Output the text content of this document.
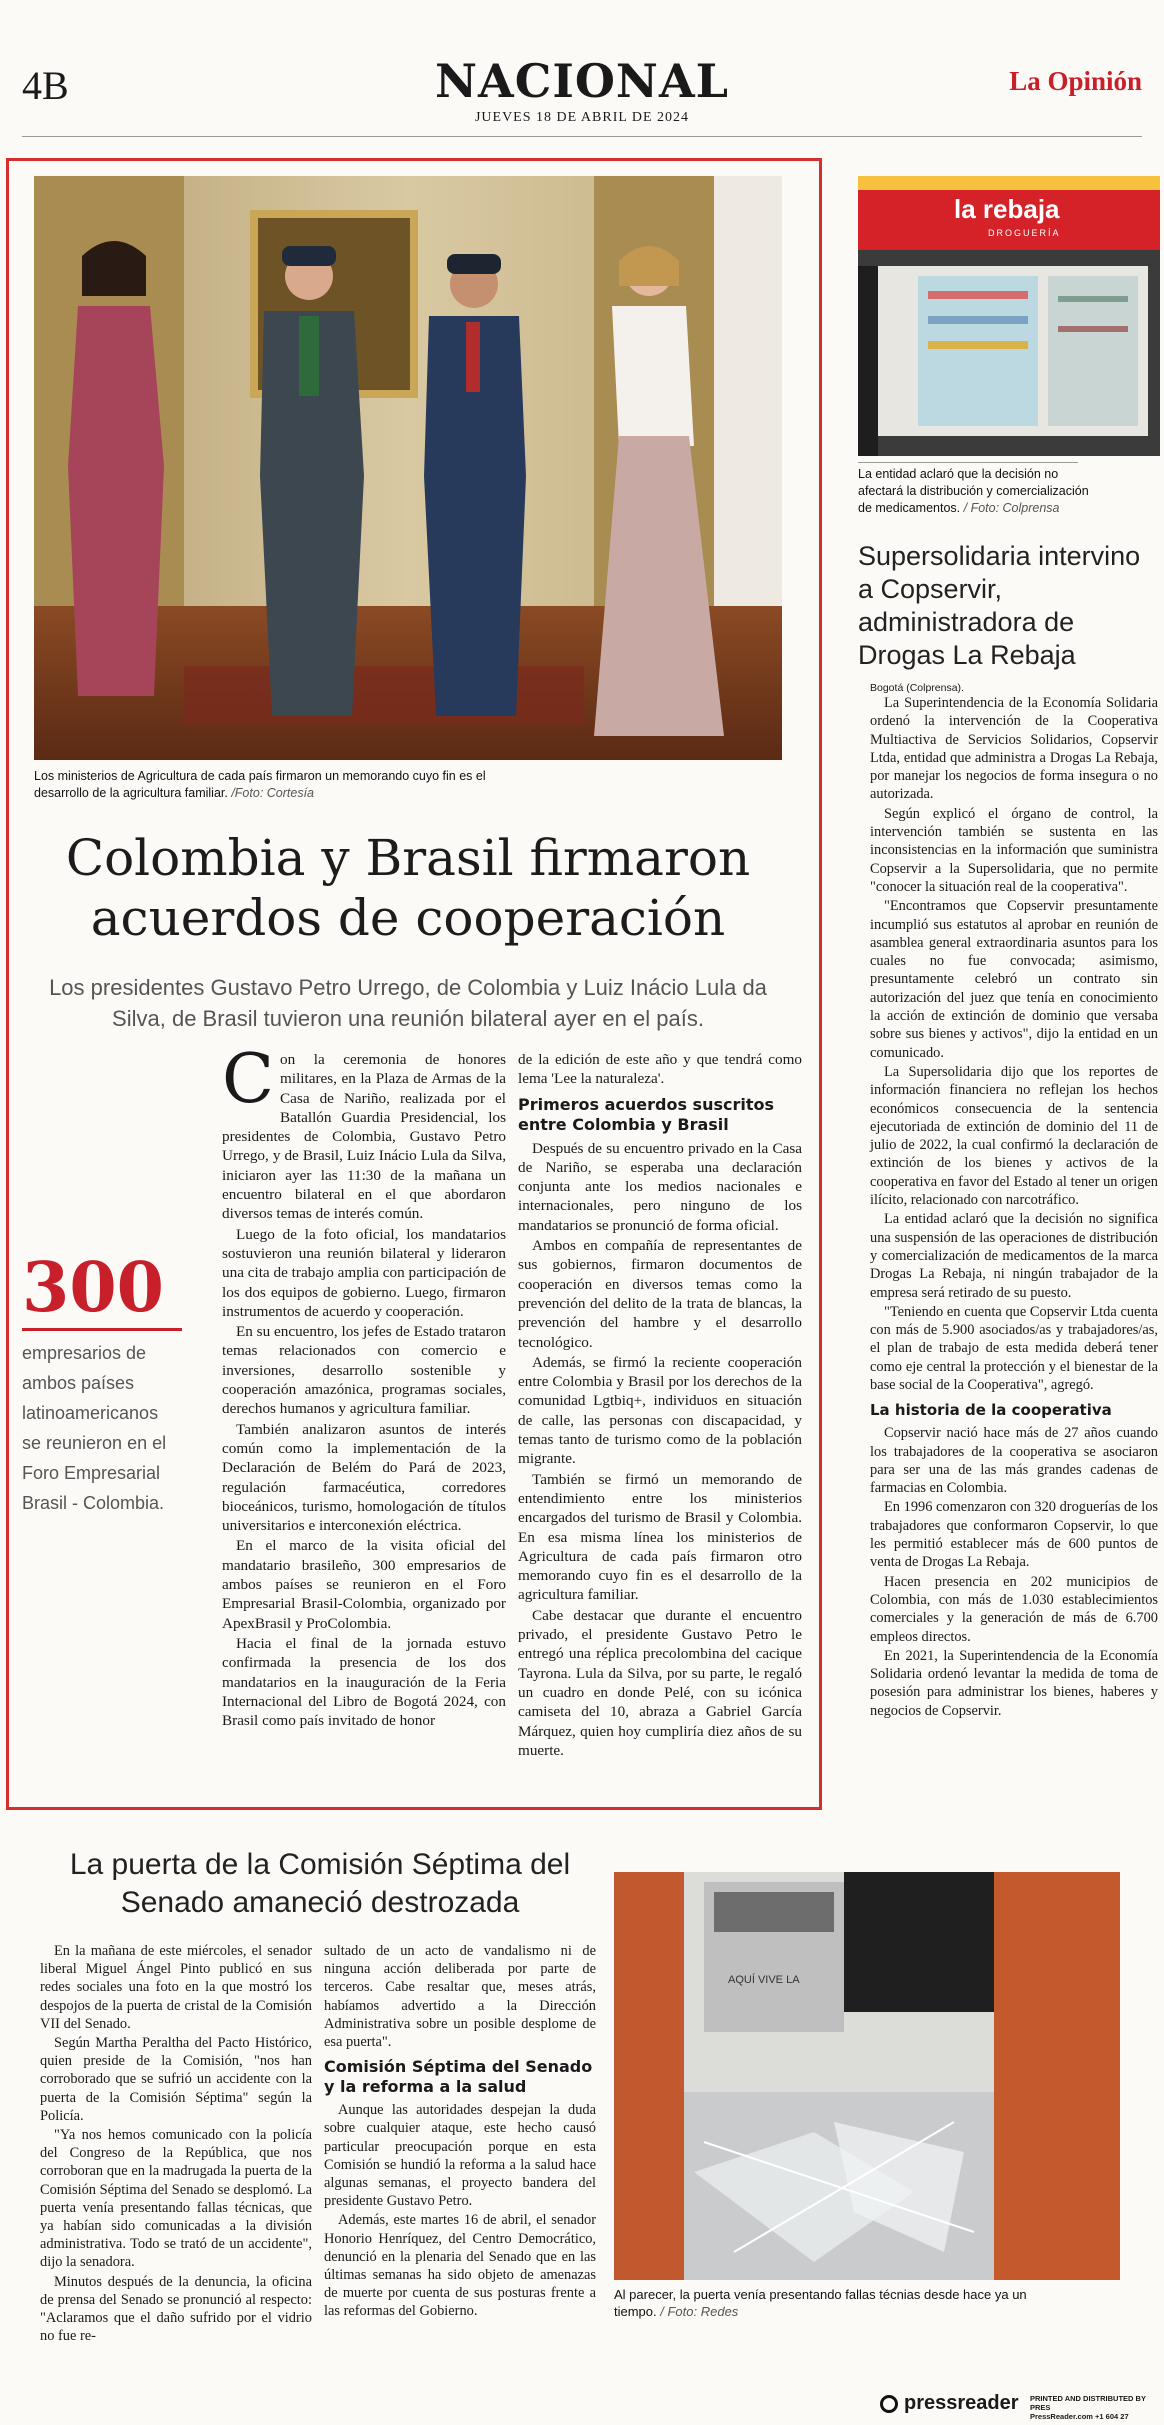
4B	NACIONAL
JUEVES 18 DE ABRIL DE 2024
La Opinión
Los ministerios de Agricultura de cada país firmaron un memorando cuyo fin es el desarrollo de la agricultura familiar. /Foto: Cortesía
Colombia y Brasil firmaron acuerdos de cooperación
Los presidentes Gustavo Petro Urrego, de Colombia y Luiz Inácio Lula da Silva, de Brasil tuvieron una reunión bilateral ayer en el país.
300
empresarios de ambos países latinoamericanos se reunieron en el Foro Empresarial Brasil - Colombia.

Con la ceremonia de honores militares, en la Plaza de Armas de la Casa de Nariño, realizada por el Batallón Guardia Presidencial, los presidentes de Colombia, Gustavo Petro Urrego, y de Brasil, Luiz Inácio Lula da Silva, iniciaron ayer las 11:30 de la mañana un encuentro bilateral en el que abordaron diversos temas de interés común.

Luego de la foto oficial, los mandatarios sostuvieron una reunión bilateral y lideraron una cita de trabajo amplia con participación de los dos equipos de gobierno. Luego, firmaron instrumentos de acuerdo y cooperación.

En su encuentro, los jefes de Estado trataron temas relacionados con comercio e inversiones, desarrollo sostenible y cooperación amazónica, programas sociales, derechos humanos y agricultura familiar.

También analizaron asuntos de interés común como la implementación de la Declaración de Belém do Pará de 2023, regulación farmacéutica, corredores bioceánicos, turismo, homologación de títulos universitarios e interconexión eléctrica.

En el marco de la visita oficial del mandatario brasileño, 300 empresarios de ambos países se reunieron en el Foro Empresarial Brasil-Colombia, organizado por ApexBrasil y ProColombia.

Hacia el final de la jornada estuvo confirmada la presencia de los dos mandatarios en la inauguración de la Feria Internacional del Libro de Bogotá 2024, con Brasil como país invitado de honor

de la edición de este año y que tendrá como lema 'Lee la naturaleza'.

Primeros acuerdos suscritos entre Colombia y Brasil

Después de su encuentro privado en la Casa de Nariño, se esperaba una declaración conjunta ante los medios nacionales e internacionales, pero ninguno de los mandatarios se pronunció de forma oficial.

Ambos en compañía de representantes de sus gobiernos, firmaron documentos de cooperación en diversos temas como la prevención del delito de la trata de blancas, la prevención del hambre y el desarrollo tecnológico.

Además, se firmó la reciente cooperación entre Colombia y Brasil por los derechos de la comunidad Lgtbiq+, individuos en situación de calle, las personas con discapacidad, y temas tanto de turismo como de la población migrante.

También se firmó un memorando de entendimiento entre los ministerios encargados del turismo de Brasil y Colombia. En esa misma línea los ministerios de Agricultura de cada país firmaron otro memorando cuyo fin es el desarrollo de la agricultura familiar.

Cabe destacar que durante el encuentro privado, el presidente Gustavo Petro le entregó una réplica precolombina del cacique Tayrona. Lula da Silva, por su parte, le regaló un cuadro en donde Pelé, con su icónica camiseta del 10, abraza a Gabriel García Márquez, quien hoy cumpliría diez años de su muerte.

la rebaja
DROGUERÍA
La entidad aclaró que la decisión no afectará la distribución y comercialización de medicamentos. / Foto: Colprensa
Supersolidaria intervino a Copservir, administradora de Drogas La Rebaja
Bogotá (Colprensa).

La Superintendencia de la Economía Solidaria ordenó la intervención de la Cooperativa Multiactiva de Servicios Solidarios, Copservir Ltda, entidad que administra a Drogas La Rebaja, por manejar los negocios de forma insegura o no autorizada.

Según explicó el órgano de control, la intervención también se sustenta en las inconsistencias en la información que suministra Copservir a la Supersolidaria, que no permite "conocer la situación real de la cooperativa".

"Encontramos que Copservir presuntamente incumplió sus estatutos al aprobar en reunión de asamblea general extraordinaria asuntos para los cuales no fue convocada; asimismo, presuntamente celebró un contrato sin autorización del juez que tenía en conocimiento la acción de extinción de dominio que versaba sobre sus bienes y activos", dijo la entidad en un comunicado.

La Supersolidaria dijo que los reportes de información financiera no reflejan los hechos económicos consecuencia de la sentencia ejecutoriada de extinción de dominio del 11 de julio de 2022, la cual confirmó la declaración de extinción de los bienes y activos de la cooperativa en favor del Estado al tener un origen ilícito, relacionado con narcotráfico.

La entidad aclaró que la decisión no significa una suspensión de las operaciones de distribución y comercialización de medicamentos de la marca Drogas La Rebaja, ni ningún trabajador de la empresa será retirado de su puesto.

"Teniendo en cuenta que Copservir Ltda cuenta con más de 5.900 asociados/as y trabajadores/as, el plan de trabajo de esta medida deberá tener como eje central la protección y el bienestar de la base social de la Cooperativa", agregó.

La historia de la cooperativa

Copservir nació hace más de 27 años cuando los trabajadores de la cooperativa se asociaron para ser una de las más grandes cadenas de farmacias en Colombia.

En 1996 comenzaron con 320 droguerías de los trabajadores que conformaron Copservir, lo que les permitió establecer más de 600 puntos de venta de Drogas La Rebaja.

Hacen presencia en 202 municipios de Colombia, con más de 1.030 establecimientos comerciales y la generación de más de 6.700 empleos directos.

En 2021, la Superintendencia de la Economía Solidaria ordenó levantar la medida de toma de posesión para administrar los bienes, haberes y negocios de Copservir.

La puerta de la Comisión Séptima del Senado amaneció destrozada

En la mañana de este miércoles, el senador liberal Miguel Ángel Pinto publicó en sus redes sociales una foto en la que mostró los despojos de la puerta de cristal de la Comisión VII del Senado.

Según Martha Peraltha del Pacto Histórico, quien preside de la Comisión, "nos han corroborado que se sufrió un accidente con la puerta de la Comisión Séptima" según la Policía.

"Ya nos hemos comunicado con la policía del Congreso de la República, que nos corroboran que en la madrugada la puerta de la Comisión Séptima del Senado se desplomó. La puerta venía presentando fallas técnicas, que ya habían sido comunicadas a la división administrativa. Todo se trató de un accidente", dijo la senadora.

Minutos después de la denuncia, la oficina de prensa del Senado se pronunció al respecto: "Aclaramos que el daño sufrido por el vidrio no fue re-

sultado de un acto de vandalismo ni de ninguna acción deliberada por parte de terceros. Cabe resaltar que, meses atrás, habíamos advertido a la Dirección Administrativa sobre un posible desplome de esa puerta".

Comisión Séptima del Senado y la reforma a la salud

Aunque las autoridades despejan la duda sobre cualquier ataque, este hecho causó particular preocupación porque en esta Comisión se hundió la reforma a la salud hace algunas semanas, el proyecto bandera del presidente Gustavo Petro.

Además, este martes 16 de abril, el senador Honorio Henríquez, del Centro Democrático, denunció en la plenaria del Senado que en las últimas semanas ha sido objeto de amenazas de muerte por cuenta de sus posturas frente a las reformas del Gobierno.

AQUÍ VIVE LA
Al parecer, la puerta venía presentando fallas técnias desde hace ya un tiempo. / Foto: Redes
pressreader PRINTED AND DISTRIBUTED BY PRES
PressReader.com +1 604 27
